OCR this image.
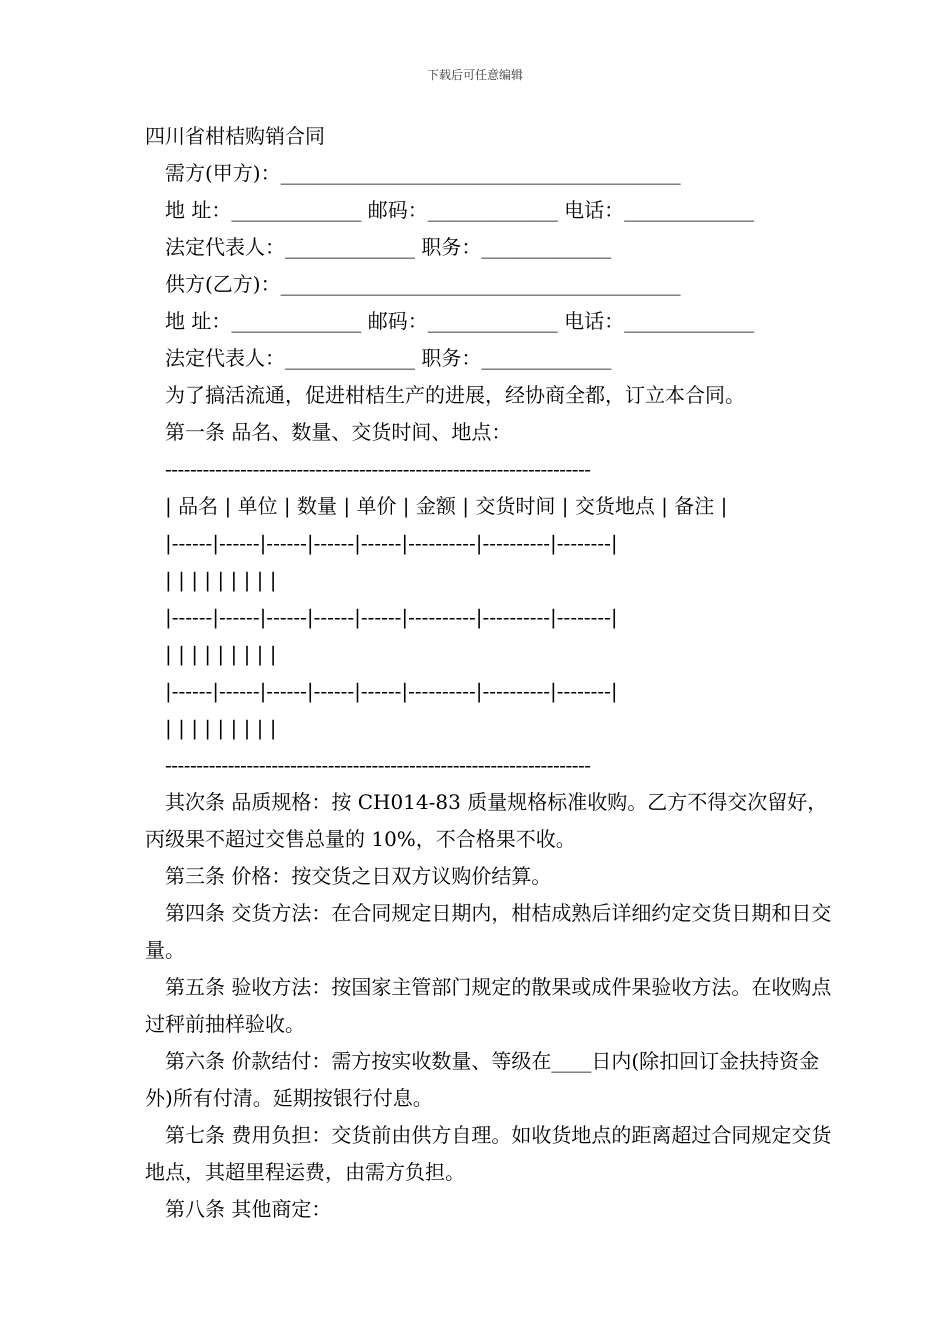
下载后可任意编辑
四川省柑桔购销合同
需方(甲方)：________________________________________
地 址：_____________ 邮码：_____________ 电话：_____________
法定代表人：_____________ 职务：_____________
供方(乙方)：________________________________________
地 址：_____________ 邮码：_____________ 电话：_____________
法定代表人：_____________ 职务：_____________
为了搞活流通，促进柑桔生产的进展，经协商全都，订立本合同。
第一条 品名、数量、交货时间、地点：
--------------------------------------------------------------------
| 品名 | 单位 | 数量 | 单价 | 金额 | 交货时间 | 交货地点 | 备注 |
|------|------|------|------|------|----------|----------|--------|
| | | | | | | | |
|------|------|------|------|------|----------|----------|--------|
| | | | | | | | |
|------|------|------|------|------|----------|----------|--------|
| | | | | | | | |
--------------------------------------------------------------------
其次条 品质规格：按 CH014-83 质量规格标准收购。乙方不得交次留好，丙级果不超过交售总量的 10%，不合格果不收。
第三条 价格：按交货之日双方议购价结算。
第四条 交货方法：在合同规定日期内，柑桔成熟后详细约定交货日期和日交量。
第五条 验收方法：按国家主管部门规定的散果或成件果验收方法。在收购点过秤前抽样验收。
第六条 价款结付：需方按实收数量、等级在____日内(除扣回订金扶持资金外)所有付清。延期按银行付息。
第七条 费用负担：交货前由供方自理。如收货地点的距离超过合同规定交货地点，其超里程运费，由需方负担。
第八条 其他商定：
